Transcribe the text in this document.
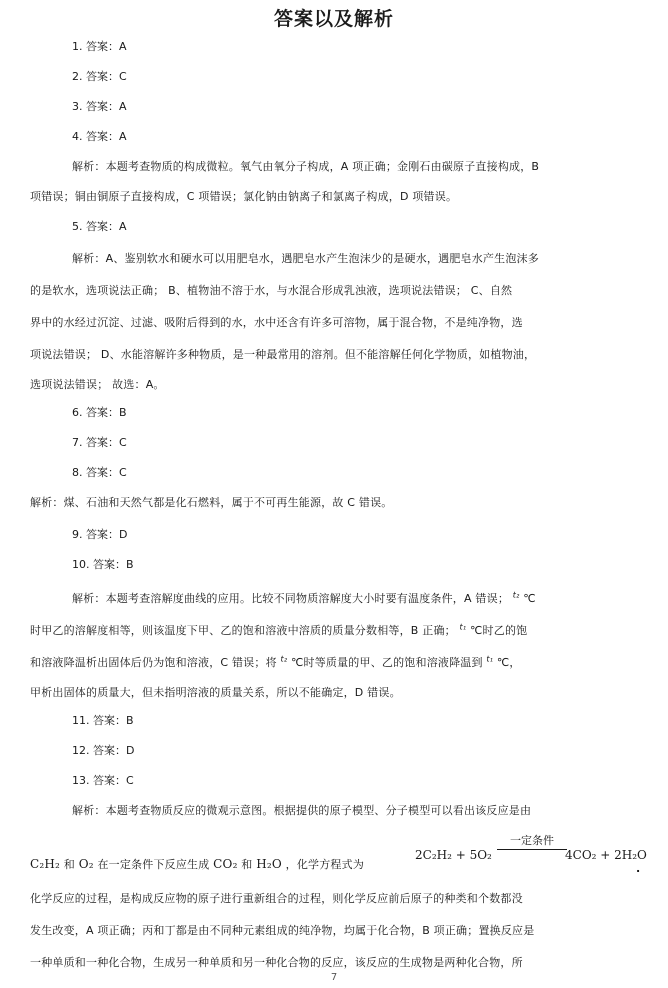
答案以及解析
1. 答案：A
2. 答案：C
3. 答案：A
4. 答案：A
解析：本题考查物质的构成微粒。氧气由氧分子构成，A 项正确；金刚石由碳原子直接构成，B
项错误；铜由铜原子直接构成，C 项错误；氯化钠由钠离子和氯离子构成，D 项错误。
5. 答案：A
解析：A、鉴别软水和硬水可以用肥皂水，遇肥皂水产生泡沫少的是硬水，遇肥皂水产生泡沫多
的是软水，选项说法正确； B、植物油不溶于水，与水混合形成乳浊液，选项说法错误； C、自然
界中的水经过沉淀、过滤、吸附后得到的水，水中还含有许多可溶物，属于混合物，不是纯净物，选
项说法错误； D、水能溶解许多种物质，是一种最常用的溶剂。但不能溶解任何化学物质，如植物油，
选项说法错误； 故选：A。
6. 答案：B
7. 答案：C
8. 答案：C
解析：煤、石油和天然气都是化石燃料，属于不可再生能源，故 C 错误。
9. 答案：D
10. 答案：B
解析：本题考查溶解度曲线的应用。比较不同物质溶解度大小时要有温度条件，A 错误； $^{t_2}$ ℃
时甲乙的溶解度相等，则该温度下甲、乙的饱和溶液中溶质的质量分数相等，B 正确； $^{t_1}$ ℃时乙的饱
和溶液降温析出固体后仍为饱和溶液，C 错误；将 $^{t_2}$ ℃时等质量的甲、乙的饱和溶液降温到 $^{t_1}$ ℃，
甲析出固体的质量大，但未指明溶液的质量关系，所以不能确定，D 错误。
11. 答案：B
12. 答案：D
13. 答案：C
解析：本题考查物质反应的微观示意图。根据提供的原子模型、分子模型可以看出该反应是由
C₂H₂ 和 O₂ 在一定条件下反应生成 CO₂ 和 H₂O ，化学方程式为
2C₂H₂ + 5O₂
一定条件
4CO₂ + 2H₂O
.
化学反应的过程，是构成反应物的原子进行重新组合的过程，则化学反应前后原子的种类和个数都没
发生改变，A 项正确；丙和丁都是由不同种元素组成的纯净物，均属于化合物，B 项正确；置换反应是
一种单质和一种化合物，生成另一种单质和另一种化合物的反应，该反应的生成物是两种化合物，所
7
